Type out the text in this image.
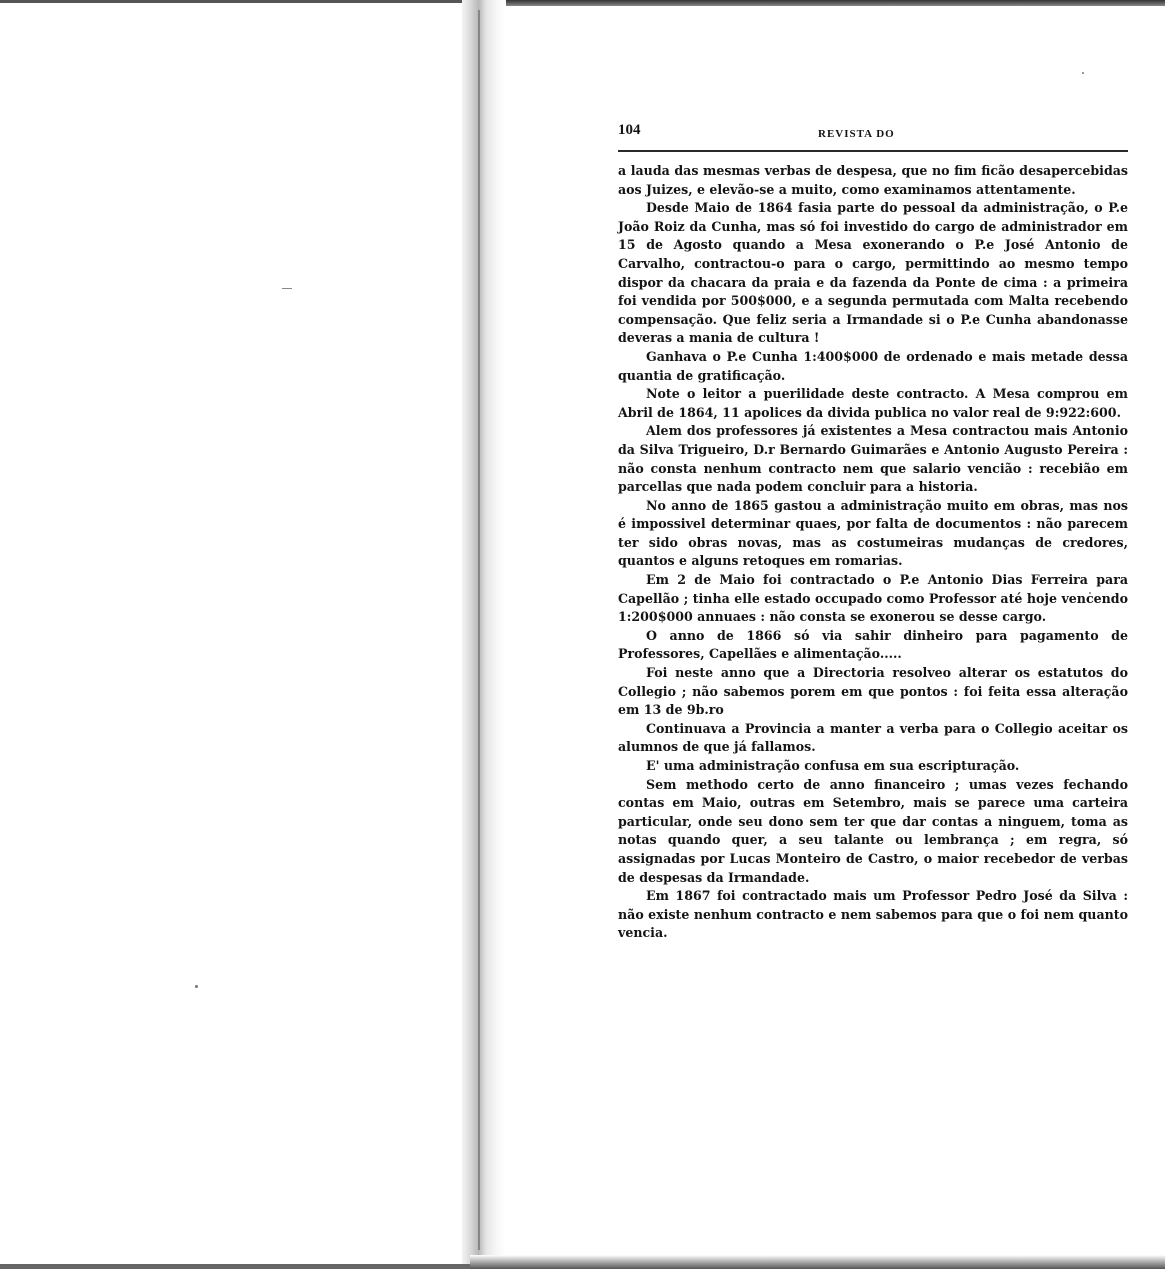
104	REVISTA DO

a lauda das mesmas verbas de despesa, que no fim ficão desapercebidas aos Juizes, e elevão-se a muito, como examinamos attentamente.

Desde Maio de 1864 fasia parte do pessoal da administração, o P.e João Roiz da Cunha, mas só foi investido do cargo de administrador em 15 de Agosto quando a Mesa exonerando o P.e José Antonio de Carvalho, contractou-o para o cargo, permittindo ao mesmo tempo dispor da chacara da praia e da fazenda da Ponte de cima : a primeira foi vendida por 500$000, e a segunda permutada com Malta recebendo compensação. Que feliz seria a Irmandade si o P.e Cunha abandonasse deveras a mania de cultura !

Ganhava o P.e Cunha 1:400$000 de ordenado e mais metade dessa quantia de gratificação.

Note o leitor a puerilidade deste contracto. A Mesa comprou em Abril de 1864, 11 apolices da divida publica no valor real de 9:922:600.

Alem dos professores já existentes a Mesa contractou mais Antonio da Silva Trigueiro, D.r Bernardo Guimarães e Antonio Augusto Pereira : não consta nenhum contracto nem que salario vencião : recebião em parcellas que nada podem concluir para a historia.

No anno de 1865 gastou a administração muito em obras, mas nos é impossivel determinar quaes, por falta de documentos : não parecem ter sido obras novas, mas as costumeiras mudanças de credores, quantos e alguns retoques em romarias.

Em 2 de Maio foi contractado o P.e Antonio Dias Ferreira para Capellão ; tinha elle estado occupado como Professor até hoje vencendo 1:200$000 annuaes : não consta se exonerou se desse cargo.

O anno de 1866 só via sahir dinheiro para pagamento de Professores, Capellães e alimentação.....

Foi neste anno que a Directoria resolveo alterar os estatutos do Collegio ; não sabemos porem em que pontos : foi feita essa alteração em 13 de 9b.ro

Continuava a Provincia a manter a verba para o Collegio aceitar os alumnos de que já fallamos.

E' uma administração confusa em sua escripturação.

Sem methodo certo de anno financeiro ; umas vezes fechando contas em Maio, outras em Setembro, mais se parece uma carteira particular, onde seu dono sem ter que dar contas a ninguem, toma as notas quando quer, a seu talante ou lembrança ; em regra, só assignadas por Lucas Monteiro de Castro, o maior recebedor de verbas de despesas da Irmandade.

Em 1867 foi contractado mais um Professor Pedro José da Silva : não existe nenhum contracto e nem sabemos para que o foi nem quanto vencia.
